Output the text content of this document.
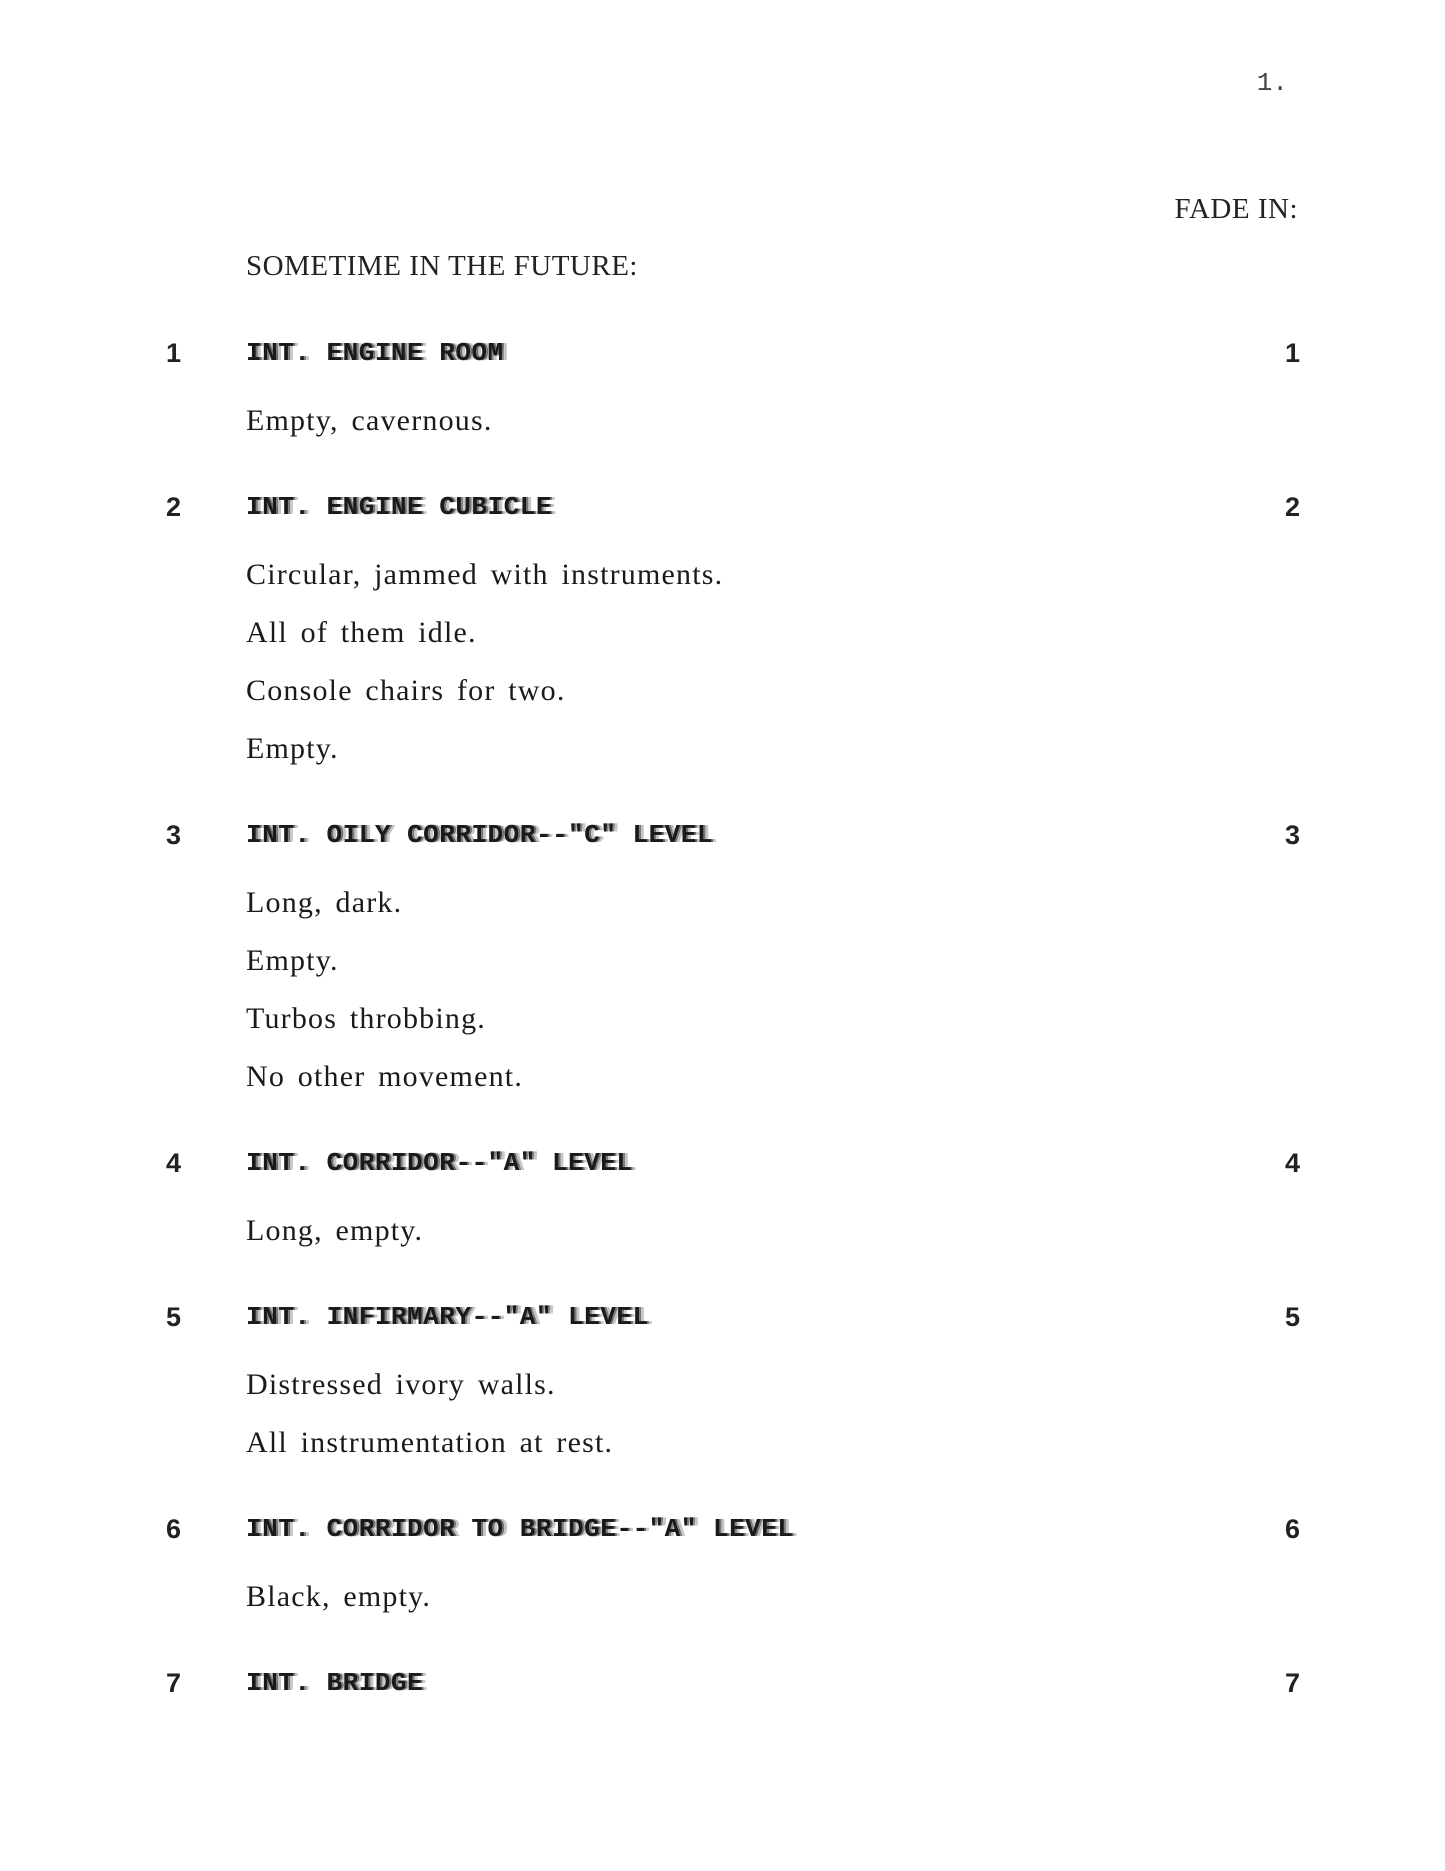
1.
FADE IN:
SOMETIME IN THE FUTURE:
1 INT. ENGINE ROOM	1
Empty, cavernous.
2 INT. ENGINE CUBICLE	2
Circular, jammed with instruments.
All of them idle.
Console chairs for two.
Empty.
3 INT. OILY CORRIDOR--"C" LEVEL	3
Long, dark.
Empty.
Turbos throbbing.
No other movement.
4 INT. CORRIDOR--"A" LEVEL	4
Long, empty.
5 INT. INFIRMARY--"A" LEVEL	5
Distressed ivory walls.
All instrumentation at rest.
6 INT. CORRIDOR TO BRIDGE--"A" LEVEL	6
Black, empty.
7 INT. BRIDGE	7
